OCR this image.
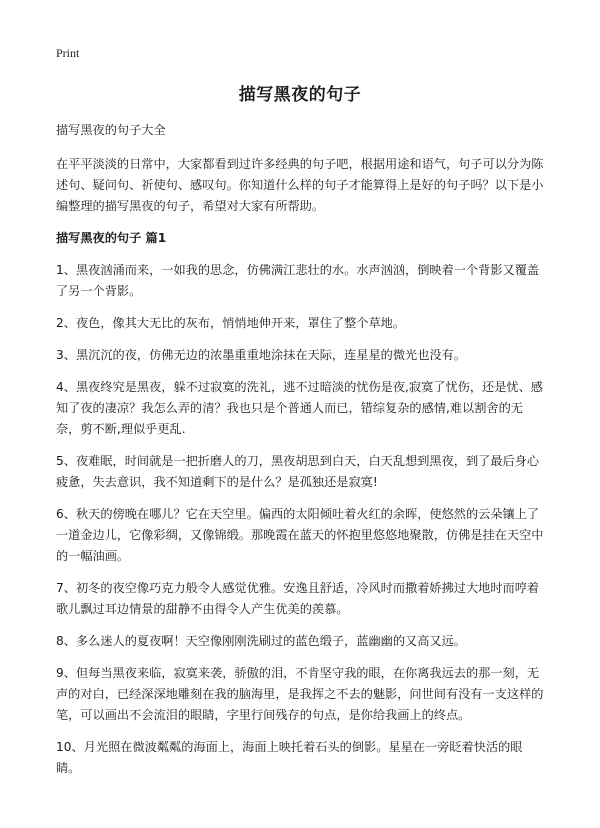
Print
描写黑夜的句子

描写黑夜的句子大全

在平平淡淡的日常中，大家都看到过许多经典的句子吧，根据用途和语气，句子可以分为陈述句、疑问句、祈使句、感叹句。你知道什么样的句子才能算得上是好的句子吗？以下是小编整理的描写黑夜的句子，希望对大家有所帮助。

描写黑夜的句子 篇1

1、黑夜汹涌而来，一如我的思念，仿佛满江悲壮的水。水声汹汹，倒映着一个背影又覆盖了另一个背影。

2、夜色，像其大无比的灰布，悄悄地伸开来，罩住了整个草地。

3、黑沉沉的夜，仿佛无边的浓墨重重地涂抹在天际，连星星的微光也没有。

4、黑夜终究是黑夜，躲不过寂寞的洗礼，逃不过暗淡的忧伤是夜,寂寞了忧伤，还是忧、感知了夜的凄凉？我怎么弄的清？我也只是个普通人而已，错综复杂的感情,难以割舍的无奈，剪不断,理似乎更乱.

5、夜难眠，时间就是一把折磨人的刀，黑夜胡思到白天，白天乱想到黑夜，到了最后身心疲惫，失去意识，我不知道剩下的是什么？是孤独还是寂寞!

6、秋天的傍晚在哪儿？它在天空里。偏西的太阳倾吐着火红的余晖，使悠然的云朵镶上了一道金边儿，它像彩绸，又像锦缎。那晚霞在蓝天的怀抱里悠悠地聚散，仿佛是挂在天空中的一幅油画。

7、初冬的夜空像巧克力般令人感觉优雅。安逸且舒适，冷风时而撒着娇拂过大地时而哼着歌儿飘过耳边情景的甜静不由得令人产生优美的羡慕。

8、多么迷人的夏夜啊！天空像刚刚洗刷过的蓝色缎子，蓝幽幽的又高又远。

9、但每当黑夜来临，寂寞来袭，骄傲的泪，不肯坚守我的眼，在你离我远去的那一刻，无声的对白，已经深深地雕刻在我的脑海里，是我挥之不去的魅影，问世间有没有一支这样的笔，可以画出不会流泪的眼睛，字里行间残存的句点，是你给我画上的终点。

10、月光照在微波粼粼的海面上，海面上映托着石头的倒影。星星在一旁眨着快活的眼睛。
